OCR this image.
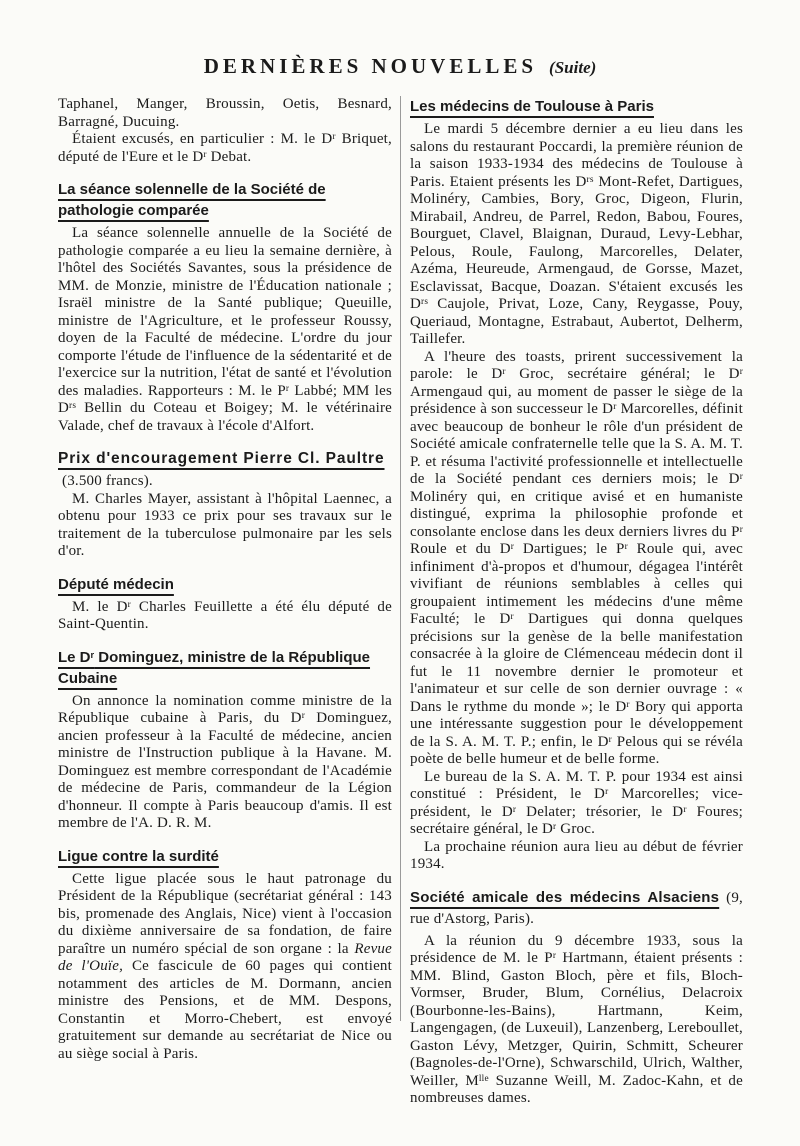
DERNIÈRES NOUVELLES (Suite)

Taphanel, Manger, Broussin, Oetis, Besnard, Barragné, Ducuing.

Étaient excusés, en particulier : M. le $D^r$ Briquet, député de l'Eure et le $D^r$ Debat.

La séance solennelle de la Société de pathologie comparée

La séance solennelle annuelle de la Société de pathologie comparée a eu lieu la semaine dernière, à l'hôtel des Sociétés Savantes, sous la présidence de MM. de Monzie, ministre de l'Éducation nationale ; Israël ministre de la Santé publique; Queuille, ministre de l'Agriculture, et le professeur Roussy, doyen de la Faculté de médecine. L'ordre du jour comporte l'étude de l'influence de la sédentarité et de l'exercice sur la nutrition, l'état de santé et l'évolution des maladies. Rapporteurs : M. le $P^r$ Labbé; MM les $D^{rs}$ Bellin du Coteau et Boigey; M. le vétérinaire Valade, chef de travaux à l'école d'Alfort.

Prix d'encouragement Pierre Cl. Paultre

(3.500 francs).

M. Charles Mayer, assistant à l'hôpital Laennec, a obtenu pour 1933 ce prix pour ses travaux sur le traitement de la tuberculose pulmonaire par les sels d'or.

Député médecin

M. le $D^r$ Charles Feuillette a été élu député de Saint-Quentin.

Le $D^r$ Dominguez, ministre de la République Cubaine

On annonce la nomination comme ministre de la République cubaine à Paris, du $D^r$ Dominguez, ancien professeur à la Faculté de médecine, ancien ministre de l'Instruction publique à la Havane. M. Dominguez est membre correspondant de l'Académie de médecine de Paris, commandeur de la Légion d'honneur. Il compte à Paris beaucoup d'amis. Il est membre de l'A. D. R. M.

Ligue contre la surdité

Cette ligue placée sous le haut patronage du Président de la République (secrétariat général : 143 bis, promenade des Anglais, Nice) vient à l'occasion du dixième anniversaire de sa fondation, de faire paraître un numéro spécial de son organe : la Revue de l'Ouïe, Ce fascicule de 60 pages qui contient notamment des articles de M. Dormann, ancien ministre des Pensions, et de MM. Despons, Constantin et Morro-Chebert, est envoyé gratuitement sur demande au secrétariat de Nice ou au siège social à Paris.

Les médecins de Toulouse à Paris

Le mardi 5 décembre dernier a eu lieu dans les salons du restaurant Poccardi, la première réunion de la saison 1933-1934 des médecins de Toulouse à Paris. Etaient présents les $D^{rs}$ Mont-Refet, Dartigues, Molinéry, Cambies, Bory, Groc, Digeon, Flurin, Mirabail, Andreu, de Parrel, Redon, Babou, Foures, Bourguet, Clavel, Blaignan, Duraud, Levy-Lebhar, Pelous, Roule, Faulong, Marcorelles, Delater, Azéma, Heureude, Armengaud, de Gorsse, Mazet, Esclavissat, Bacque, Doazan. S'étaient excusés les $D^{rs}$ Caujole, Privat, Loze, Cany, Reygasse, Pouy, Queriaud, Montagne, Estrabaut, Aubertot, Delherm, Taillefer.

A l'heure des toasts, prirent successivement la parole: le $D^r$ Groc, secrétaire général; le $D^r$ Armengaud qui, au moment de passer le siège de la présidence à son successeur le $D^r$ Marcorelles, définit avec beaucoup de bonheur le rôle d'un président de Société amicale confraternelle telle que la S. A. M. T. P. et résuma l'activité professionnelle et intellectuelle de la Société pendant ces derniers mois; le $D^r$ Molinéry qui, en critique avisé et en humaniste distingué, exprima la philosophie profonde et consolante enclose dans les deux derniers livres du $P^r$ Roule et du $D^r$ Dartigues; le $P^r$ Roule qui, avec infiniment d'à-propos et d'humour, dégagea l'intérêt vivifiant de réunions semblables à celles qui groupaient intimement les médecins d'une même Faculté; le $D^r$ Dartigues qui donna quelques précisions sur la genèse de la belle manifestation consacrée à la gloire de Clémenceau médecin dont il fut le 11 novembre dernier le promoteur et l'animateur et sur celle de son dernier ouvrage : « Dans le rythme du monde »; le $D^r$ Bory qui apporta une intéressante suggestion pour le développement de la S. A. M. T. P.; enfin, le $D^r$ Pelous qui se révéla poète de belle humeur et de belle forme.

Le bureau de la S. A. M. T. P. pour 1934 est ainsi constitué : Président, le $D^r$ Marcorelles; vice-président, le $D^r$ Delater; trésorier, le $D^r$ Foures; secrétaire général, le $D^r$ Groc.

La prochaine réunion aura lieu au début de février 1934.

Société amicale des médecins Alsaciens (9, rue d'Astorg, Paris).

A la réunion du 9 décembre 1933, sous la présidence de M. le $P^r$ Hartmann, étaient présents : MM. Blind, Gaston Bloch, père et fils, Bloch-Vormser, Bruder, Blum, Cornélius, Delacroix (Bourbonne-les-Bains), Hartmann, Keim, Langengagen, (de Luxeuil), Lanzenberg, Lereboullet, Gaston Lévy, Metzger, Quirin, Schmitt, Scheurer (Bagnoles-de-l'Orne), Schwarschild, Ulrich, Walther, Weiller, $M^{lle}$ Suzanne Weill, M. Zadoc-Kahn, et de nombreuses dames.
